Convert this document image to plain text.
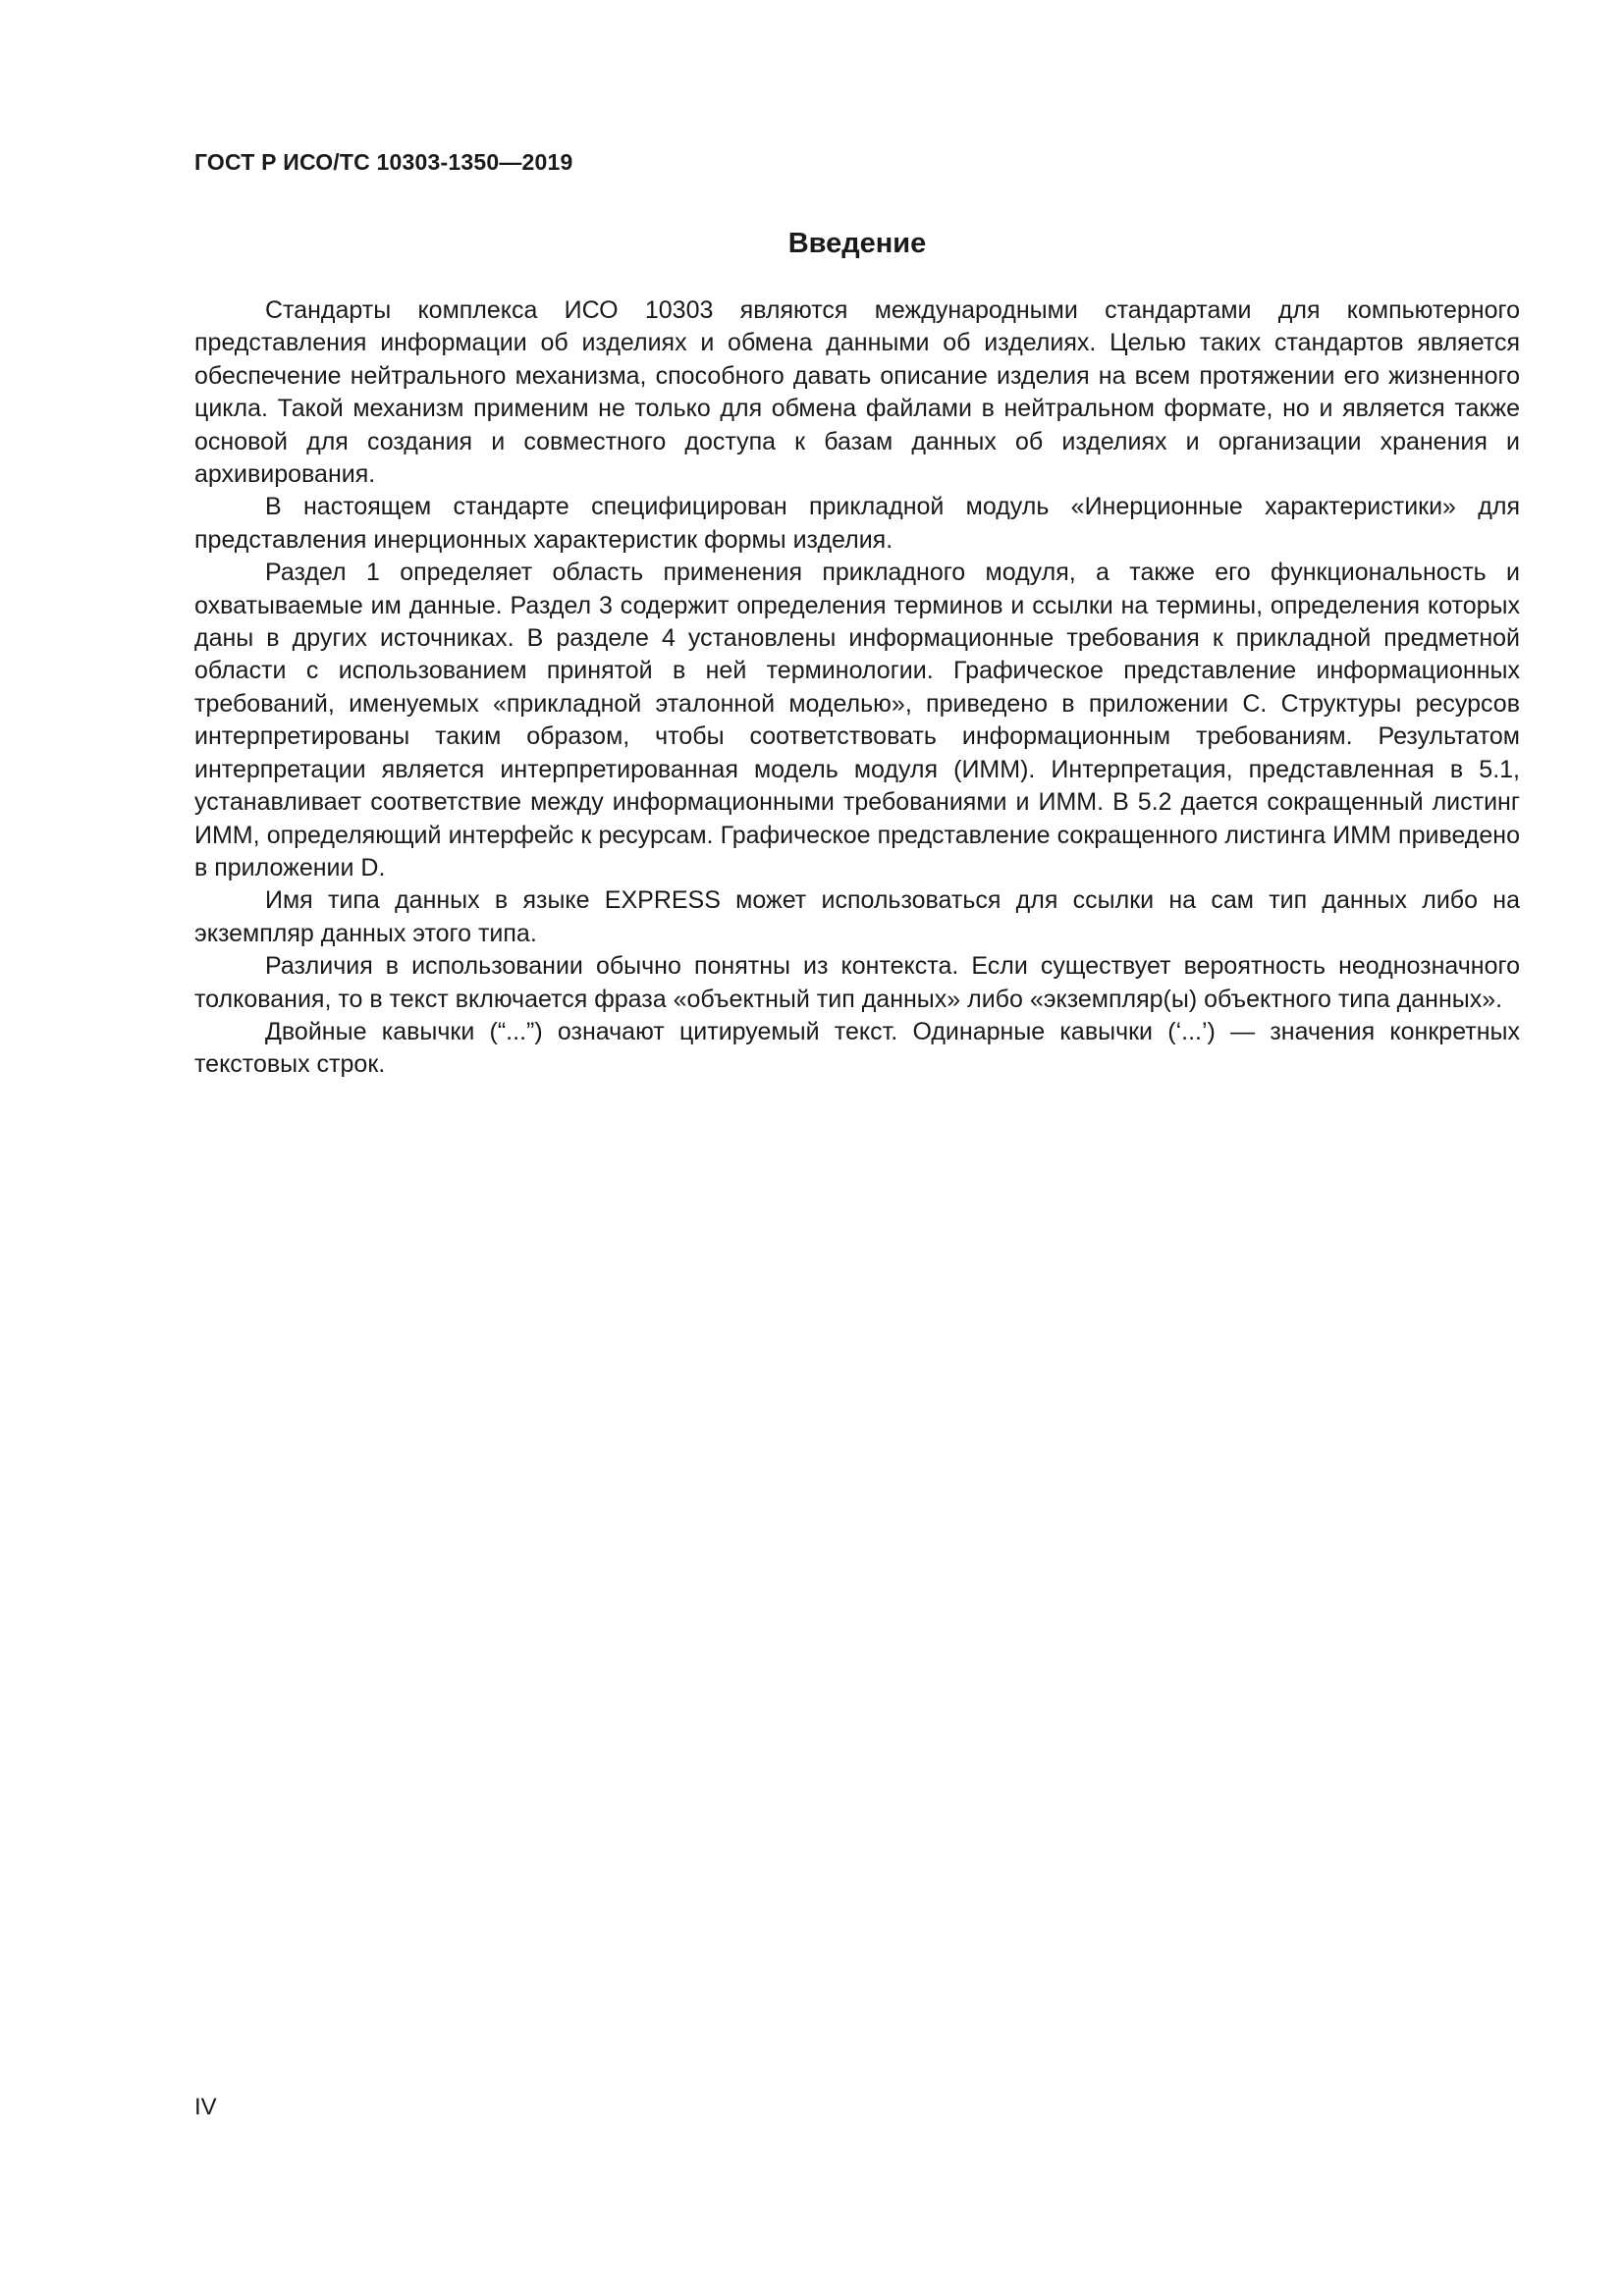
ГОСТ Р ИСО/ТС 10303-1350—2019
Введение

Стандарты комплекса ИСО 10303 являются международными стандартами для компьютерного представления информации об изделиях и обмена данными об изделиях. Целью таких стандартов является обеспечение нейтрального механизма, способного давать описание изделия на всем протяжении его жизненного цикла. Такой механизм применим не только для обмена файлами в нейтральном формате, но и является также основой для создания и совместного доступа к базам данных об изделиях и организации хранения и архивирования.

В настоящем стандарте специфицирован прикладной модуль «Инерционные характеристики» для представления инерционных характеристик формы изделия.

Раздел 1 определяет область применения прикладного модуля, а также его функциональность и охватываемые им данные. Раздел 3 содержит определения терминов и ссылки на термины, определения которых даны в других источниках. В разделе 4 установлены информационные требования к прикладной предметной области с использованием принятой в ней терминологии. Графическое представление информационных требований, именуемых «прикладной эталонной моделью», приведено в приложении С. Структуры ресурсов интерпретированы таким образом, чтобы соответствовать информационным требованиям. Результатом интерпретации является интерпретированная модель модуля (ИММ). Интерпретация, представленная в 5.1, устанавливает соответствие между информационными требованиями и ИММ. В 5.2 дается сокращенный листинг ИММ, определяющий интерфейс к ресурсам. Графическое представление сокращенного листинга ИММ приведено в приложении D.

Имя типа данных в языке EXPRESS может использоваться для ссылки на сам тип данных либо на экземпляр данных этого типа.

Различия в использовании обычно понятны из контекста. Если существует вероятность неоднозначного толкования, то в текст включается фраза «объектный тип данных» либо «экземпляр(ы) объектного типа данных».

Двойные кавычки (“...”) означают цитируемый текст. Одинарные кавычки (‘...’) — значения конкретных текстовых строк.

IV
